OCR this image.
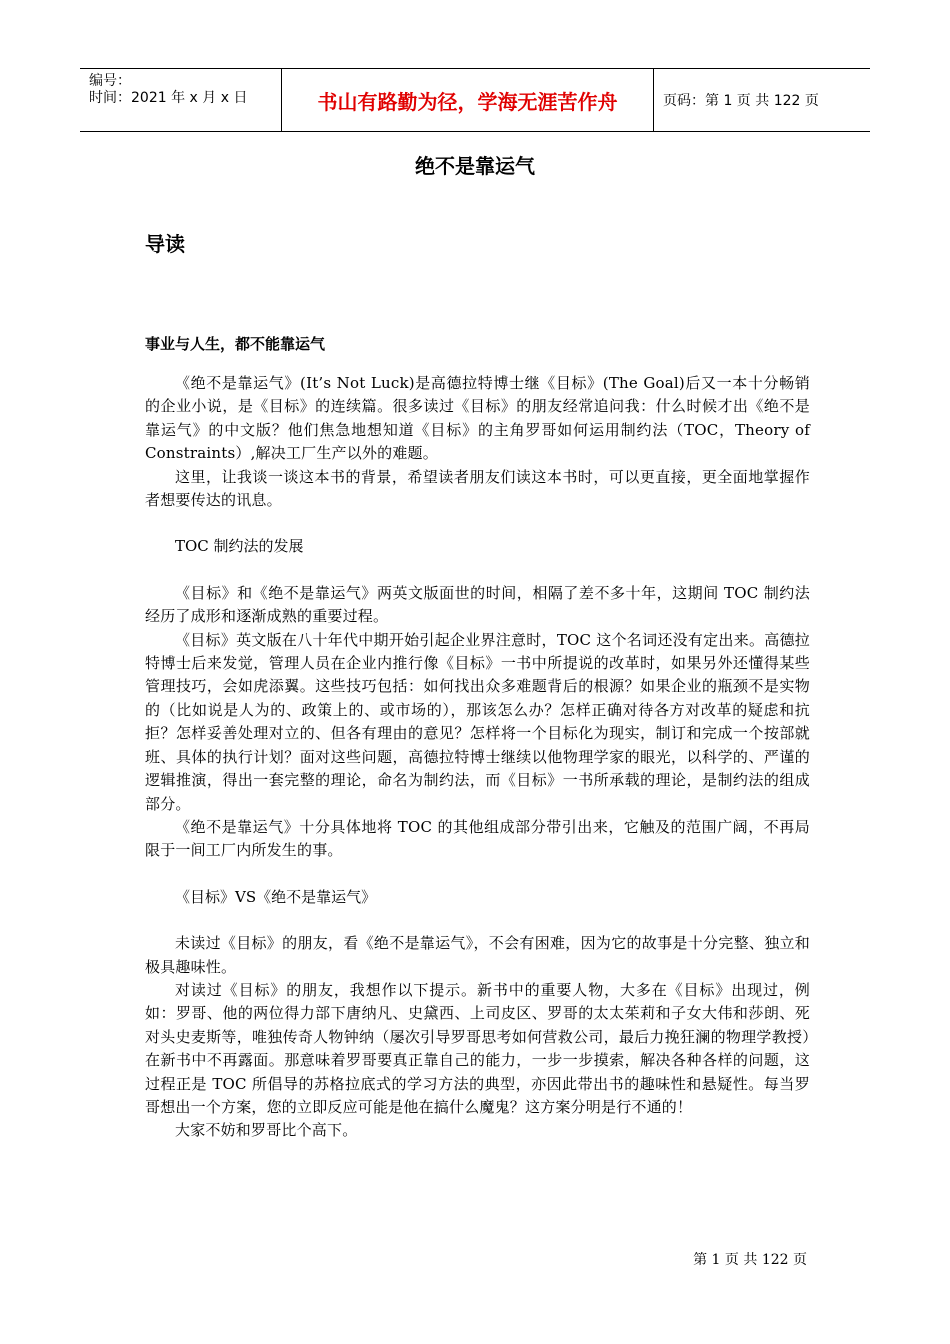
编号：
时间：2021 年 x 月 x 日	书山有路勤为径，学海无涯苦作舟	页码：第 1 页 共 122 页
绝不是靠运气
导读
事业与人生，都不能靠运气

《绝不是靠运气》(It’s Not Luck)是高德拉特博士继《目标》(The Goal)后又一本十分畅销的企业小说，是《目标》的连续篇。很多读过《目标》的朋友经常追问我：什么时候才出《绝不是靠运气》的中文版？他们焦急地想知道《目标》的主角罗哥如何运用制约法（TOC，Theory of Constraints）,解决工厂生产以外的难题。

这里，让我谈一谈这本书的背景，希望读者朋友们读这本书时，可以更直接，更全面地掌握作者想要传达的讯息。

TOC 制约法的发展

《目标》和《绝不是靠运气》两英文版面世的时间，相隔了差不多十年，这期间 TOC 制约法经历了成形和逐渐成熟的重要过程。

《目标》英文版在八十年代中期开始引起企业界注意时，TOC 这个名词还没有定出来。高德拉特博士后来发觉，管理人员在企业内推行像《目标》一书中所提说的改革时，如果另外还懂得某些管理技巧，会如虎添翼。这些技巧包括：如何找出众多难题背后的根源？如果企业的瓶颈不是实物的（比如说是人为的、政策上的、或市场的），那该怎么办？怎样正确对待各方对改革的疑虑和抗拒？怎样妥善处理对立的、但各有理由的意见？怎样将一个目标化为现实，制订和完成一个按部就班、具体的执行计划？面对这些问题，高德拉特博士继续以他物理学家的眼光，以科学的、严谨的逻辑推演，得出一套完整的理论，命名为制约法，而《目标》一书所承载的理论，是制约法的组成部分。

《绝不是靠运气》十分具体地将 TOC 的其他组成部分带引出来，它触及的范围广阔，不再局限于一间工厂内所发生的事。

《目标》VS《绝不是靠运气》

未读过《目标》的朋友，看《绝不是靠运气》，不会有困难，因为它的故事是十分完整、独立和极具趣味性。

对读过《目标》的朋友，我想作以下提示。新书中的重要人物，大多在《目标》出现过，例如：罗哥、他的两位得力部下唐纳凡、史黛西、上司皮区、罗哥的太太茱莉和子女大伟和莎朗、死对头史麦斯等，唯独传奇人物钟纳（屡次引导罗哥思考如何营救公司，最后力挽狂澜的物理学教授）在新书中不再露面。那意味着罗哥要真正靠自己的能力，一步一步摸索，解决各种各样的问题，这过程正是 TOC 所倡导的苏格拉底式的学习方法的典型，亦因此带出书的趣味性和悬疑性。每当罗哥想出一个方案，您的立即反应可能是他在搞什么魔鬼？这方案分明是行不通的！

大家不妨和罗哥比个高下。

第 1 页 共 122 页
